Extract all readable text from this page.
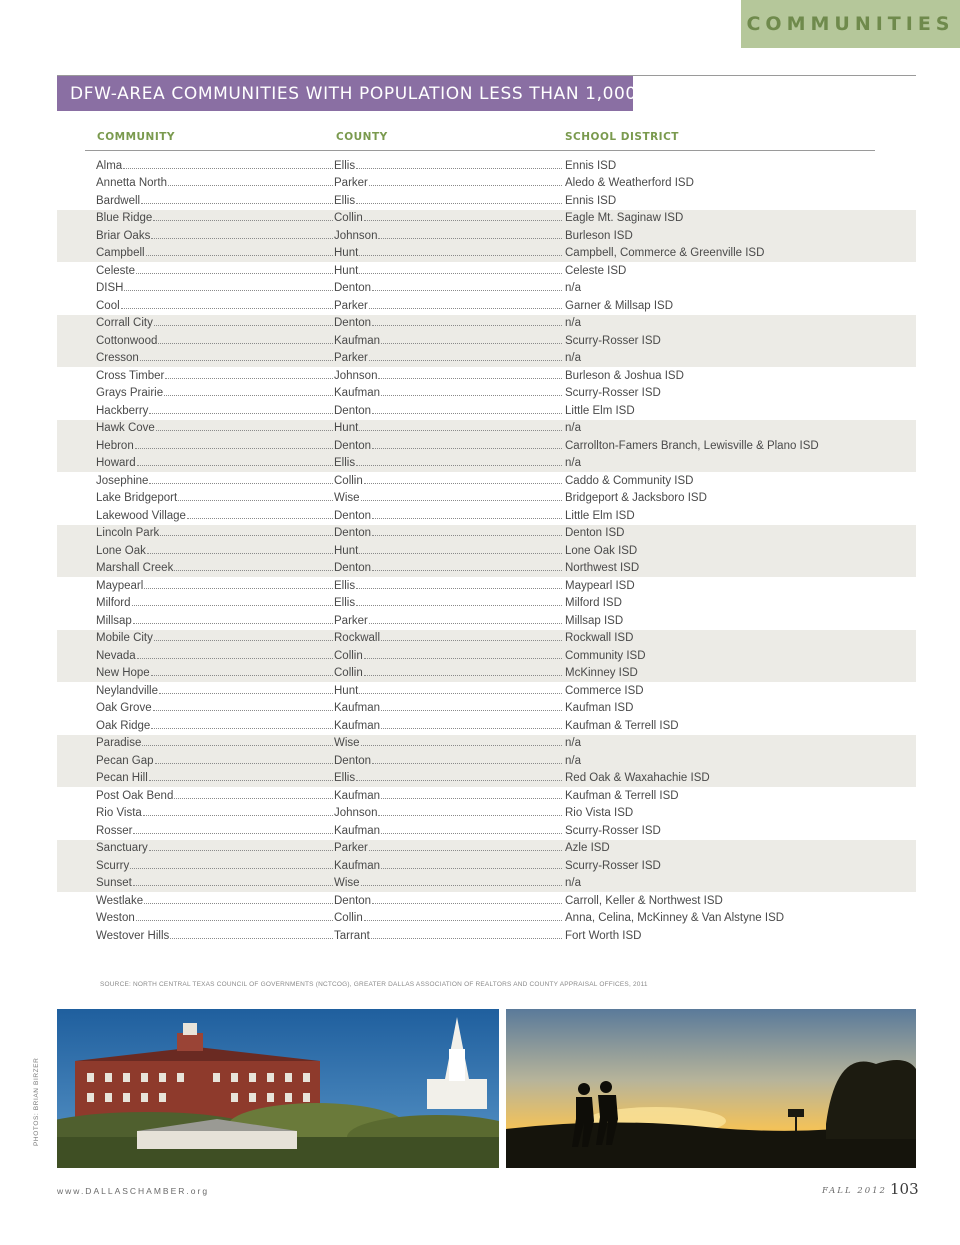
COMMUNITIES
DFW-AREA COMMUNITIES WITH POPULATION LESS THAN 1,000
COMMUNITY	COUNTY	SCHOOL DISTRICT
Alma	Ellis	Ennis ISD
Annetta North	Parker	Aledo & Weatherford ISD
Bardwell	Ellis	Ennis ISD
Blue Ridge	Collin	Eagle Mt. Saginaw ISD
Briar Oaks	Johnson	Burleson ISD
Campbell	Hunt	Campbell, Commerce & Greenville ISD
Celeste	Hunt	Celeste ISD
DISH	Denton	n/a
Cool	Parker	Garner & Millsap ISD
Corrall City	Denton	n/a
Cottonwood	Kaufman	Scurry-Rosser ISD
Cresson	Parker	n/a
Cross Timber	Johnson	Burleson & Joshua ISD
Grays Prairie	Kaufman	Scurry-Rosser ISD
Hackberry	Denton	Little Elm ISD
Hawk Cove	Hunt	n/a
Hebron	Denton	Carrollton-Famers Branch, Lewisville & Plano ISD
Howard	Ellis	n/a
Josephine	Collin	Caddo & Community ISD
Lake Bridgeport	Wise	Bridgeport & Jacksboro ISD
Lakewood Village	Denton	Little Elm ISD
Lincoln Park	Denton	Denton ISD
Lone Oak	Hunt	Lone Oak ISD
Marshall Creek	Denton	Northwest ISD
Maypearl	Ellis	Maypearl ISD
Milford	Ellis	Milford ISD
Millsap	Parker	Millsap ISD
Mobile City	Rockwall	Rockwall ISD
Nevada	Collin	Community ISD
New Hope	Collin	McKinney ISD
Neylandville	Hunt	Commerce ISD
Oak Grove	Kaufman	Kaufman ISD
Oak Ridge	Kaufman	Kaufman & Terrell ISD
Paradise	Wise	n/a
Pecan Gap	Denton	n/a
Pecan Hill	Ellis	Red Oak & Waxahachie ISD
Post Oak Bend	Kaufman	Kaufman & Terrell ISD
Rio Vista	Johnson	Rio Vista ISD
Rosser	Kaufman	Scurry-Rosser ISD
Sanctuary	Parker	Azle ISD
Scurry	Kaufman	Scurry-Rosser ISD
Sunset	Wise	n/a
Westlake	Denton	Carroll, Keller & Northwest ISD
Weston	Collin	Anna, Celina, McKinney & Van Alstyne ISD
Westover Hills	Tarrant	Fort Worth ISD
SOURCE: NORTH CENTRAL TEXAS COUNCIL OF GOVERNMENTS (NCTCOG), GREATER DALLAS ASSOCIATION OF REALTORS AND COUNTY APPRAISAL OFFICES, 2011
PHOTOS: BRIAN BIRZER
www.DALLASCHAMBER.org	FALL 2012 103
